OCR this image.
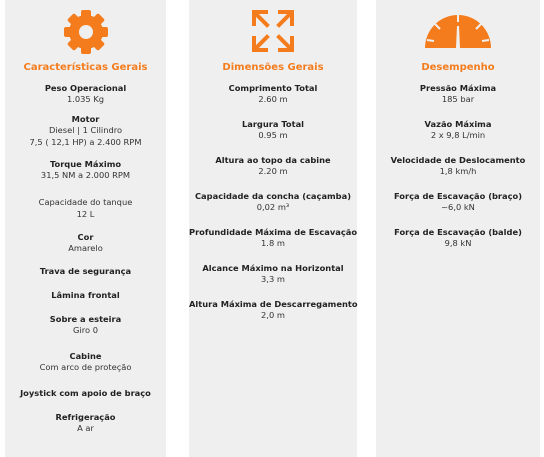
Características Gerais
Peso Operacional
1.035 Kg
Motor
Diesel | 1 Cilindro
7,5 ( 12,1 HP) a 2.400 RPM
Torque Máximo
31,5 NM a 2.000 RPM
Capacidade do tanque
12 L
Cor
Amarelo
Trava de segurança
Lâmina frontal
Sobre a esteira
Giro 0
Cabine
Com arco de proteção
Joystick com apoio de braço
Refrigeração
A ar
Dimensões Gerais
Comprimento Total
2.60 m
Largura Total
0.95 m
Altura ao topo da cabine
2.20 m
Capacidade da concha (caçamba)
0,02 m³
Profundidade Máxima de Escavação
1.8 m
Alcance Máximo na Horizontal
3,3 m
Altura Máxima de Descarregamento
2,0 m
Desempenho
Pressão Máxima
185 bar
Vazão Máxima
2 x 9,8 L/min
Velocidade de Deslocamento
1,8 km/h
Força de Escavação (braço)
~6,0 kN
Força de Escavação (balde)
9,8 kN
